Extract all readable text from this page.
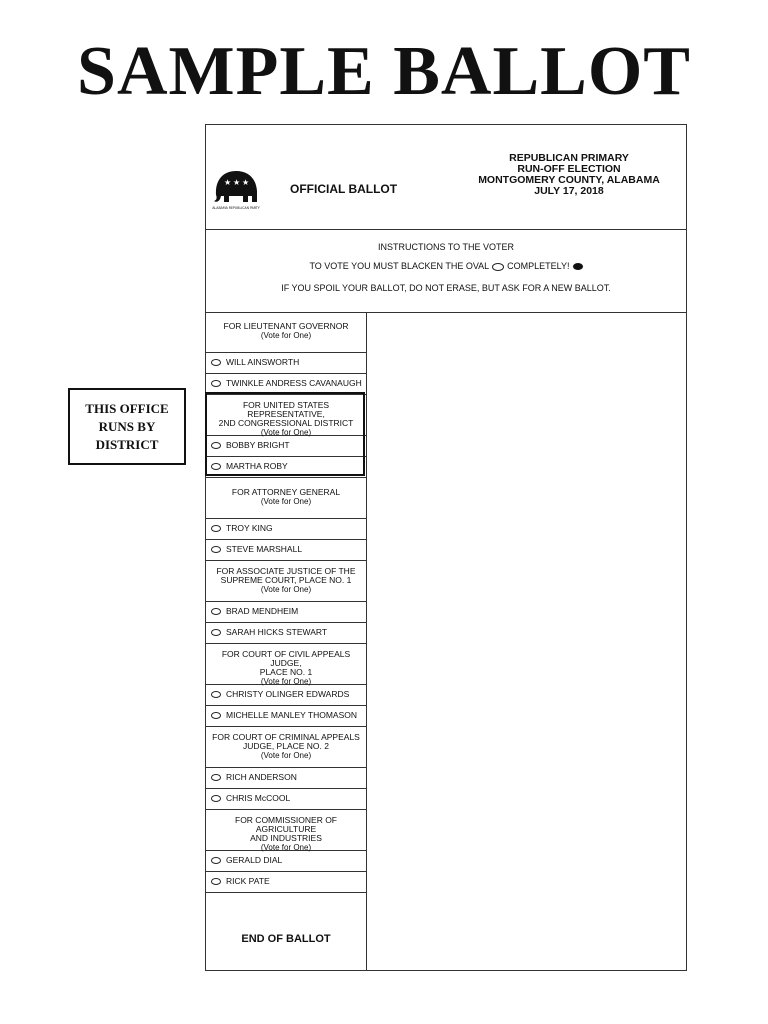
SAMPLE BALLOT
THIS OFFICE RUNS BY DISTRICT
★ ★ ★
ALABAMA REPUBLICAN PARTY
OFFICIAL BALLOT
REPUBLICAN PRIMARY
RUN-OFF ELECTION
MONTGOMERY COUNTY, ALABAMA
JULY 17, 2018
INSTRUCTIONS TO THE VOTER
TO VOTE YOU MUST BLACKEN THE OVAL COMPLETELY!
IF YOU SPOIL YOUR BALLOT, DO NOT ERASE, BUT ASK FOR A NEW BALLOT.
FOR LIEUTENANT GOVERNOR
(Vote for One)
WILL AINSWORTH
TWINKLE ANDRESS CAVANAUGH
FOR UNITED STATES REPRESENTATIVE,
2ND CONGRESSIONAL DISTRICT
(Vote for One)
BOBBY BRIGHT
MARTHA ROBY
FOR ATTORNEY GENERAL
(Vote for One)
TROY KING
STEVE MARSHALL
FOR ASSOCIATE JUSTICE OF THE
SUPREME COURT, PLACE NO. 1
(Vote for One)
BRAD MENDHEIM
SARAH HICKS STEWART
FOR COURT OF CIVIL APPEALS JUDGE,
PLACE NO. 1
(Vote for One)
CHRISTY OLINGER EDWARDS
MICHELLE MANLEY THOMASON
FOR COURT OF CRIMINAL APPEALS
JUDGE, PLACE NO. 2
(Vote for One)
RICH ANDERSON
CHRIS McCOOL
FOR COMMISSIONER OF AGRICULTURE
AND INDUSTRIES
(Vote for One)
GERALD DIAL
RICK PATE
END OF BALLOT
